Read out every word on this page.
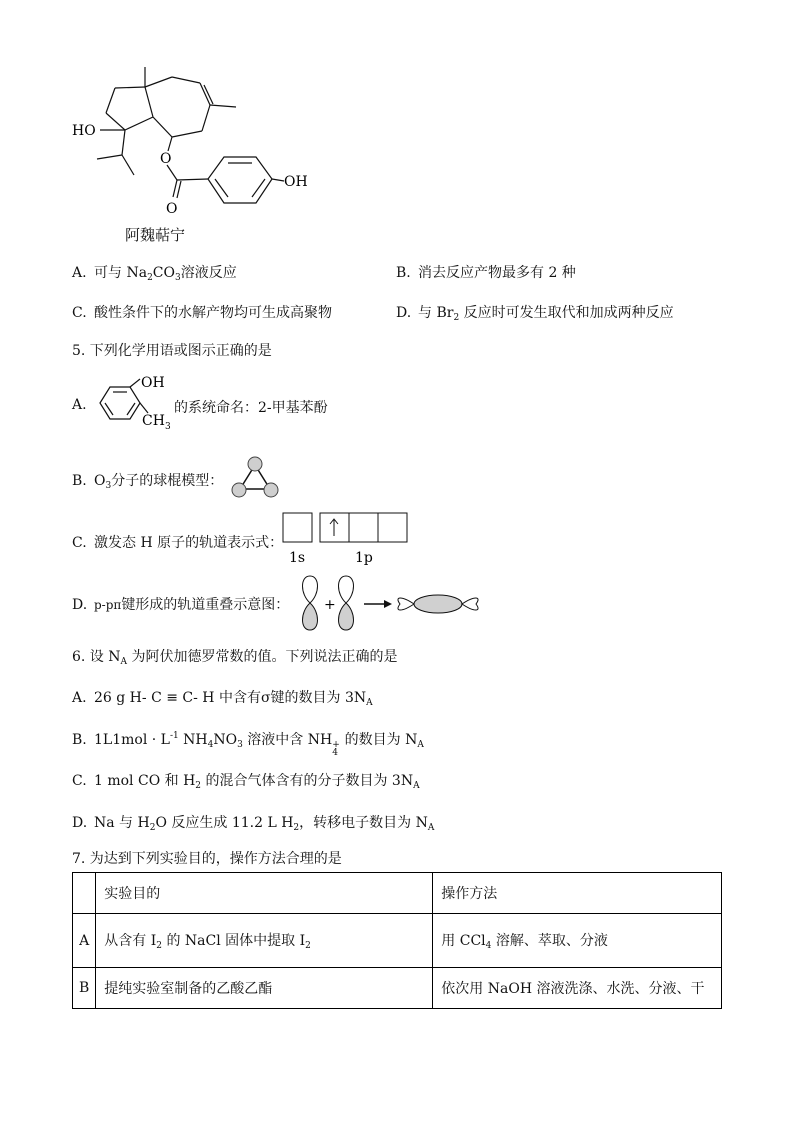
HO
O
O
OH
阿魏萜宁
A. 可与 $Na_2CO_3$溶液反应	B. 消去反应产物最多有 2 种
C. 酸性条件下的水解产物均可生成高聚物	D. 与 $Br_2$ 反应时可发生取代和加成两种反应
5. 下列化学用语或图示正确的是
A.
OH
CH 3
的系统命名：2-甲基苯酚
B. $O_3$分子的球棍模型：
C. 激发态 H 原子的轨道表示式：
1s	1p
D. p-pπ键形成的轨道重叠示意图： +
6. 设 $N_A$ 为阿伏加德罗常数的值。下列说法正确的是
A. 26 g H- C ≡ C- H 中含有σ键的数目为 $3N_A$
B. $1L1mol \cdot L^{-1}$ $NH_4NO_3$ 溶液中含 NH +
4
的数目为 $N_A$
C. 1 mol CO 和 $H_2$ 的混合气体含有的分子数目为 $3N_A$
D. Na 与 $H_2O$ 反应生成 11.2 L $H_2$，转移电子数目为 $N_A$
7. 为达到下列实验目的，操作方法合理的是
	实验目的	操作方法
A	从含有 $I_2$ 的 NaCl 固体中提取 $I_2$	用 CCl$_4$ 溶解、萃取、分液
B	提纯实验室制备的乙酸乙酯	依次用 NaOH 溶液洗涤、水洗、分液、干
